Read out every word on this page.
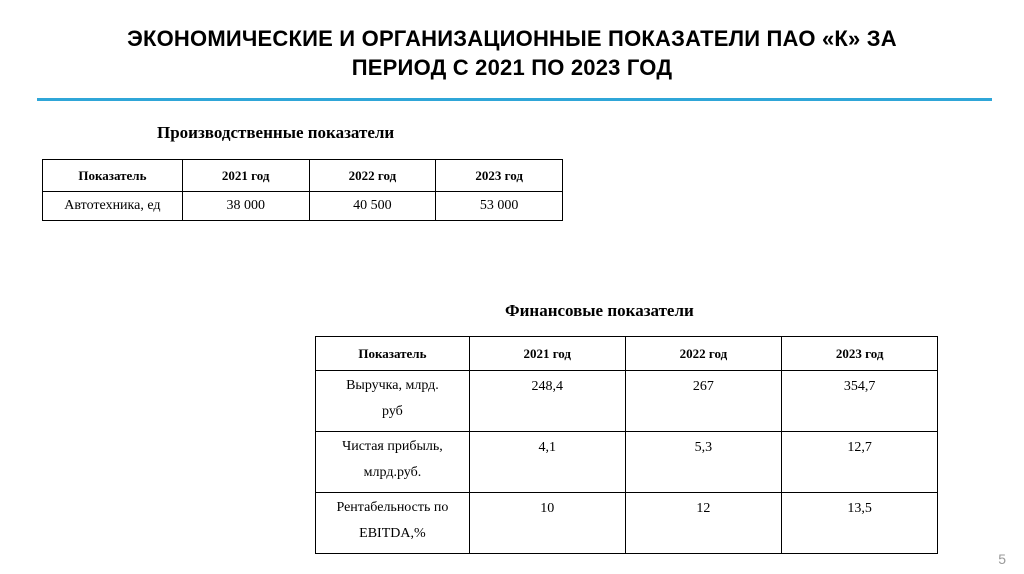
ЭКОНОМИЧЕСКИЕ И ОРГАНИЗАЦИОННЫЕ ПОКАЗАТЕЛИ ПАО «К» ЗА
ПЕРИОД С 2021 ПО 2023 ГОД
Производственные показатели
Показатель	2021 год	2022 год	2023 год
Автотехника, ед	38 000	40 500	53 000
Финансовые показатели
Показатель	2021 год	2022 год	2023 год

Выручка, млрд.
руб	248,4	267	354,7

Чистая прибыль,
млрд.руб.	4,1	5,3	12,7

Рентабельность по
EBITDA,%	10	12	13,5
5
